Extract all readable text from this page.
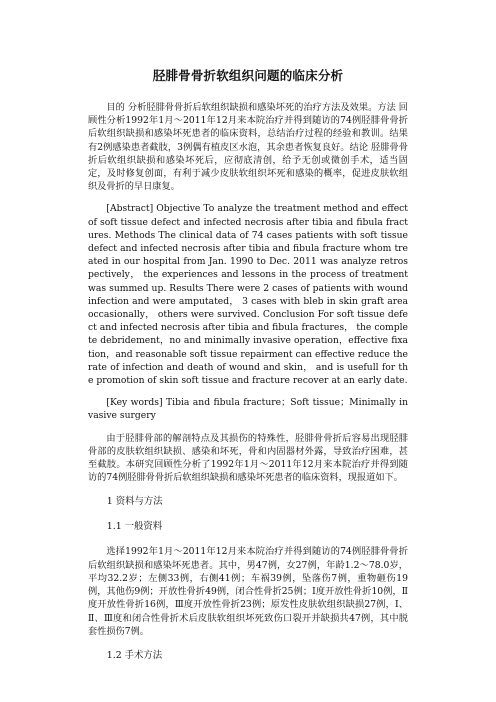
胫腓骨骨折软组织问题的临床分析

目的 分析胫腓骨骨折后软组织缺损和感染坏死的治疗方法及效果。方法 回顾性分析1992年1月～2011年12月来本院治疗并得到随访的74例胫腓骨骨折后软组织缺损和感染坏死患者的临床资料，总结治疗过程的经验和教训。结果 有2例感染患者截肢，3例偶有植皮区水泡，其余患者恢复良好。结论 胫腓骨骨折后软组织缺损和感染坏死后，应彻底清创，给予无创或微创手术，适当固定，及时修复创面，有利于减少皮肤软组织坏死和感染的概率，促进皮肤软组织及骨折的早日康复。

[Abstract] Objective To analyze the treatment method and effect of soft tissue defect and infected necrosis after tibia and fibula fractures. Methods The clinical data of 74 cases patients with soft tissue defect and infected necrosis after tibia and fibula fracture whom treated in our hospital from Jan. 1990 to Dec. 2011 was analyze retrospectively， the experiences and lessons in the process of treatment was summed up. Results There were 2 cases of patients with wound infection and were amputated， 3 cases with bleb in skin graft area occasionally， others were survived. Conclusion For soft tissue defect and infected necrosis after tibia and fibula fractures， the complete debridement，no and minimally invasive operation，effective fixation，and reasonable soft tissue repairment can effective reduce the rate of infection and death of wound and skin， and is usefull for the promotion of skin soft tissue and fracture recover at an early date.

[Key words] Tibia and fibula fracture；Soft tissue；Minimally invasive surgery

由于胫腓骨部的解剖特点及其损伤的特殊性，胫腓骨骨折后容易出现胫腓骨部的皮肤软组织缺损、感染和坏死，骨和内固器材外露，导致治疗困难，甚至截肢。本研究回顾性分析了1992年1月～2011年12月来本院治疗并得到随访的74例胫腓骨骨折后软组织缺损和感染坏死患者的临床资料，现报道如下。

1 资料与方法
1.1 一般资料

选择1992年1月～2011年12月来本院治疗并得到随访的74例胫腓骨骨折后软组织缺损和感染坏死患者。其中，男47例，女27例，年龄1.2～78.0岁，平均32.2岁；左侧33例，右侧41例；车祸39例，坠落伤7例，重物砸伤19例，其他伤9例；开放性骨折49例，闭合性骨折25例；Ⅰ度开放性骨折10例，Ⅱ度开放性骨折16例，Ⅲ度开放性骨折23例；原发性皮肤软组织缺损27例，Ⅰ、Ⅱ、Ⅲ度和闭合性骨折术后皮肤软组织坏死致伤口裂开并缺损共47例，其中脱套性损伤7例。

1.2 手术方法
